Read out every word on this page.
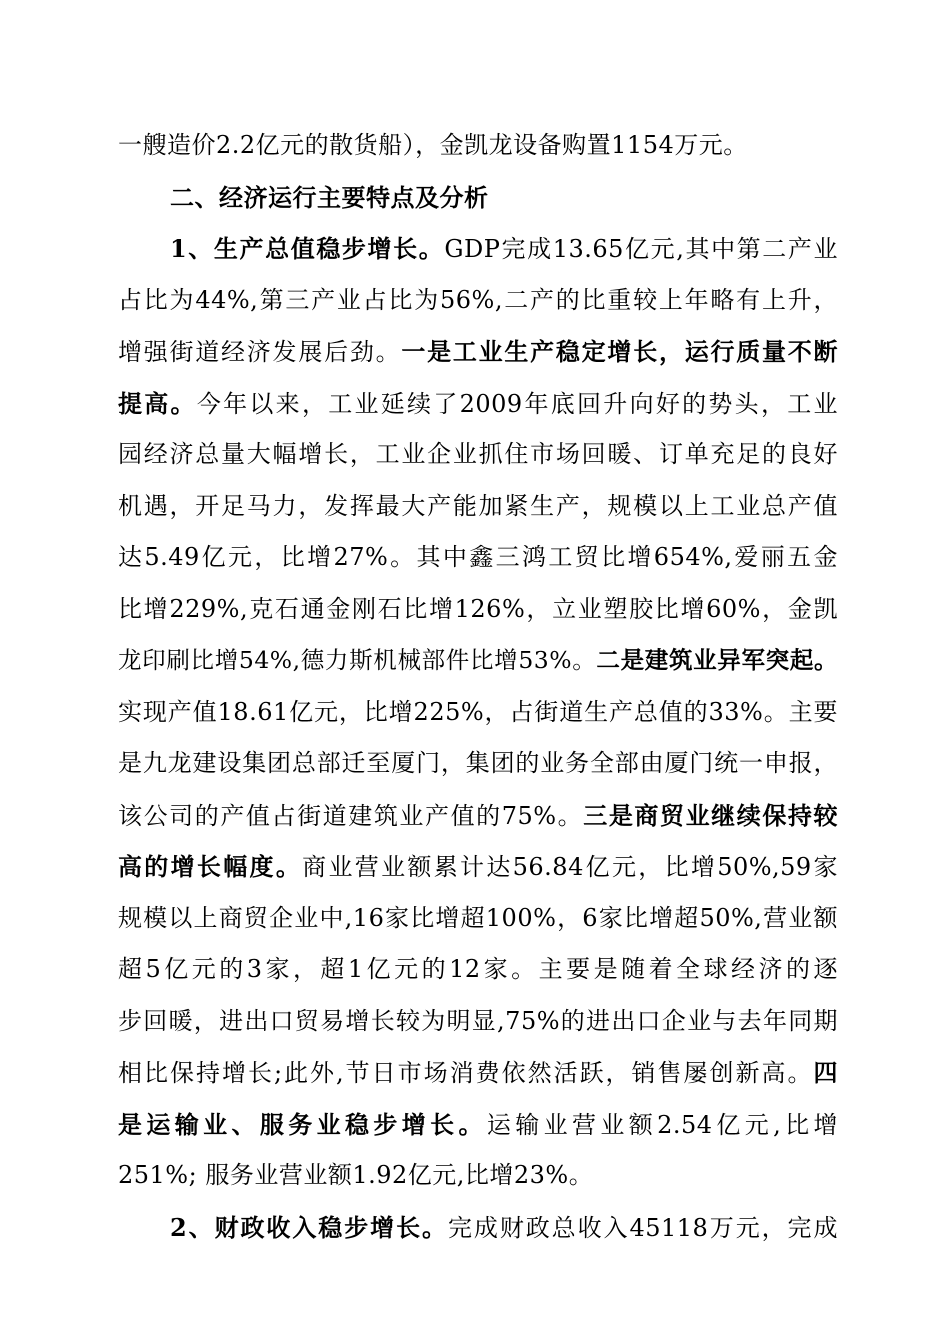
一艘造价2.2亿元的散货船），金凯龙设备购置1154万元。
二、经济运行主要特点及分析
1、生产总值稳步增长。GDP完成13.65亿元,其中第二产业
占比为44%,第三产业占比为56%,二产的比重较上年略有上升，
增强街道经济发展后劲。一是工业生产稳定增长，运行质量不断
提高。今年以来，工业延续了2009年底回升向好的势头，工业
园经济总量大幅增长，工业企业抓住市场回暖、订单充足的良好
机遇，开足马力，发挥最大产能加紧生产，规模以上工业总产值
达5.49亿元，比增27%。其中鑫三鸿工贸比增654%,爱丽五金
比增229%,克石通金刚石比增126%，立业塑胶比增60%，金凯
龙印刷比增54%,德力斯机械部件比增53%。二是建筑业异军突起。
实现产值18.61亿元，比增225%，占街道生产总值的33%。主要
是九龙建设集团总部迁至厦门，集团的业务全部由厦门统一申报，
该公司的产值占街道建筑业产值的75%。三是商贸业继续保持较
高的增长幅度。商业营业额累计达56.84亿元，比增50%,59家
规模以上商贸企业中,16家比增超100%，6家比增超50%,营业额
超5亿元的3家，超1亿元的12家。主要是随着全球经济的逐
步回暖，进出口贸易增长较为明显,75%的进出口企业与去年同期
相比保持增长;此外,节日市场消费依然活跃，销售屡创新高。四
是运输业、服务业稳步增长。运输业营业额2.54亿元,比增
251%; 服务业营业额1.92亿元,比增23%。
2、财政收入稳步增长。完成财政总收入45118万元，完成
